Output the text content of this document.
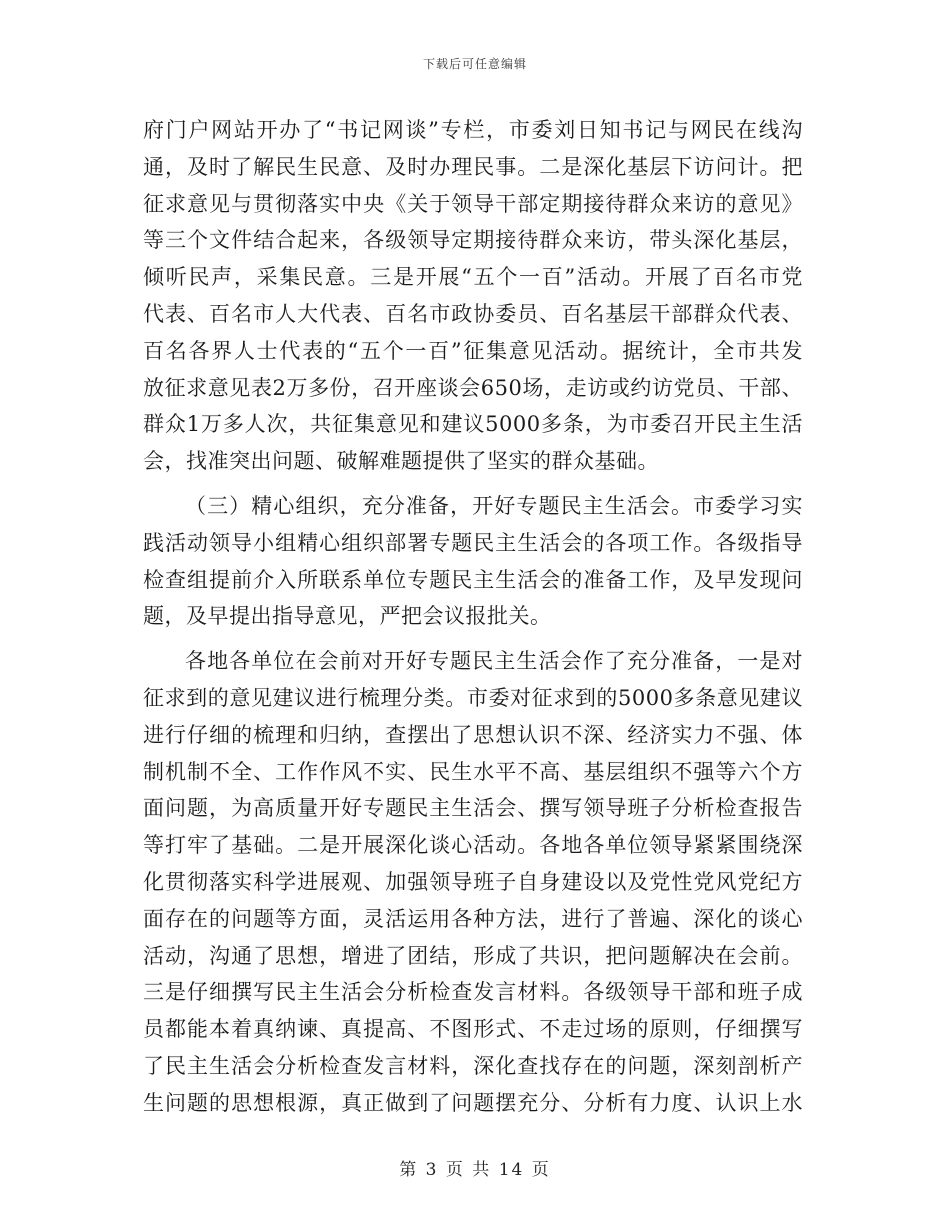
下载后可任意编辑
府门户网站开办了“书记网谈”专栏，市委刘日知书记与网民在线沟
通，及时了解民生民意、及时办理民事。二是深化基层下访问计。把
征求意见与贯彻落实中央《关于领导干部定期接待群众来访的意见》
等三个文件结合起来，各级领导定期接待群众来访，带头深化基层，
倾听民声，采集民意。三是开展“五个一百”活动。开展了百名市党
代表、百名市人大代表、百名市政协委员、百名基层干部群众代表、
百名各界人士代表的“五个一百”征集意见活动。据统计，全市共发
放征求意见表2万多份，召开座谈会650场，走访或约访党员、干部、
群众1万多人次，共征集意见和建议5000多条，为市委召开民主生活
会，找准突出问题、破解难题提供了坚实的群众基础。
（三）精心组织，充分准备，开好专题民主生活会。市委学习实
践活动领导小组精心组织部署专题民主生活会的各项工作。各级指导
检查组提前介入所联系单位专题民主生活会的准备工作，及早发现问
题，及早提出指导意见，严把会议报批关。
各地各单位在会前对开好专题民主生活会作了充分准备，一是对
征求到的意见建议进行梳理分类。市委对征求到的5000多条意见建议
进行仔细的梳理和归纳，查摆出了思想认识不深、经济实力不强、体
制机制不全、工作作风不实、民生水平不高、基层组织不强等六个方
面问题，为高质量开好专题民主生活会、撰写领导班子分析检查报告
等打牢了基础。二是开展深化谈心活动。各地各单位领导紧紧围绕深
化贯彻落实科学进展观、加强领导班子自身建设以及党性党风党纪方
面存在的问题等方面，灵活运用各种方法，进行了普遍、深化的谈心
活动，沟通了思想，增进了团结，形成了共识，把问题解决在会前。
三是仔细撰写民主生活会分析检查发言材料。各级领导干部和班子成
员都能本着真纳谏、真提高、不图形式、不走过场的原则，仔细撰写
了民主生活会分析检查发言材料，深化查找存在的问题，深刻剖析产
生问题的思想根源，真正做到了问题摆充分、分析有力度、认识上水
第 3 页 共 14 页
